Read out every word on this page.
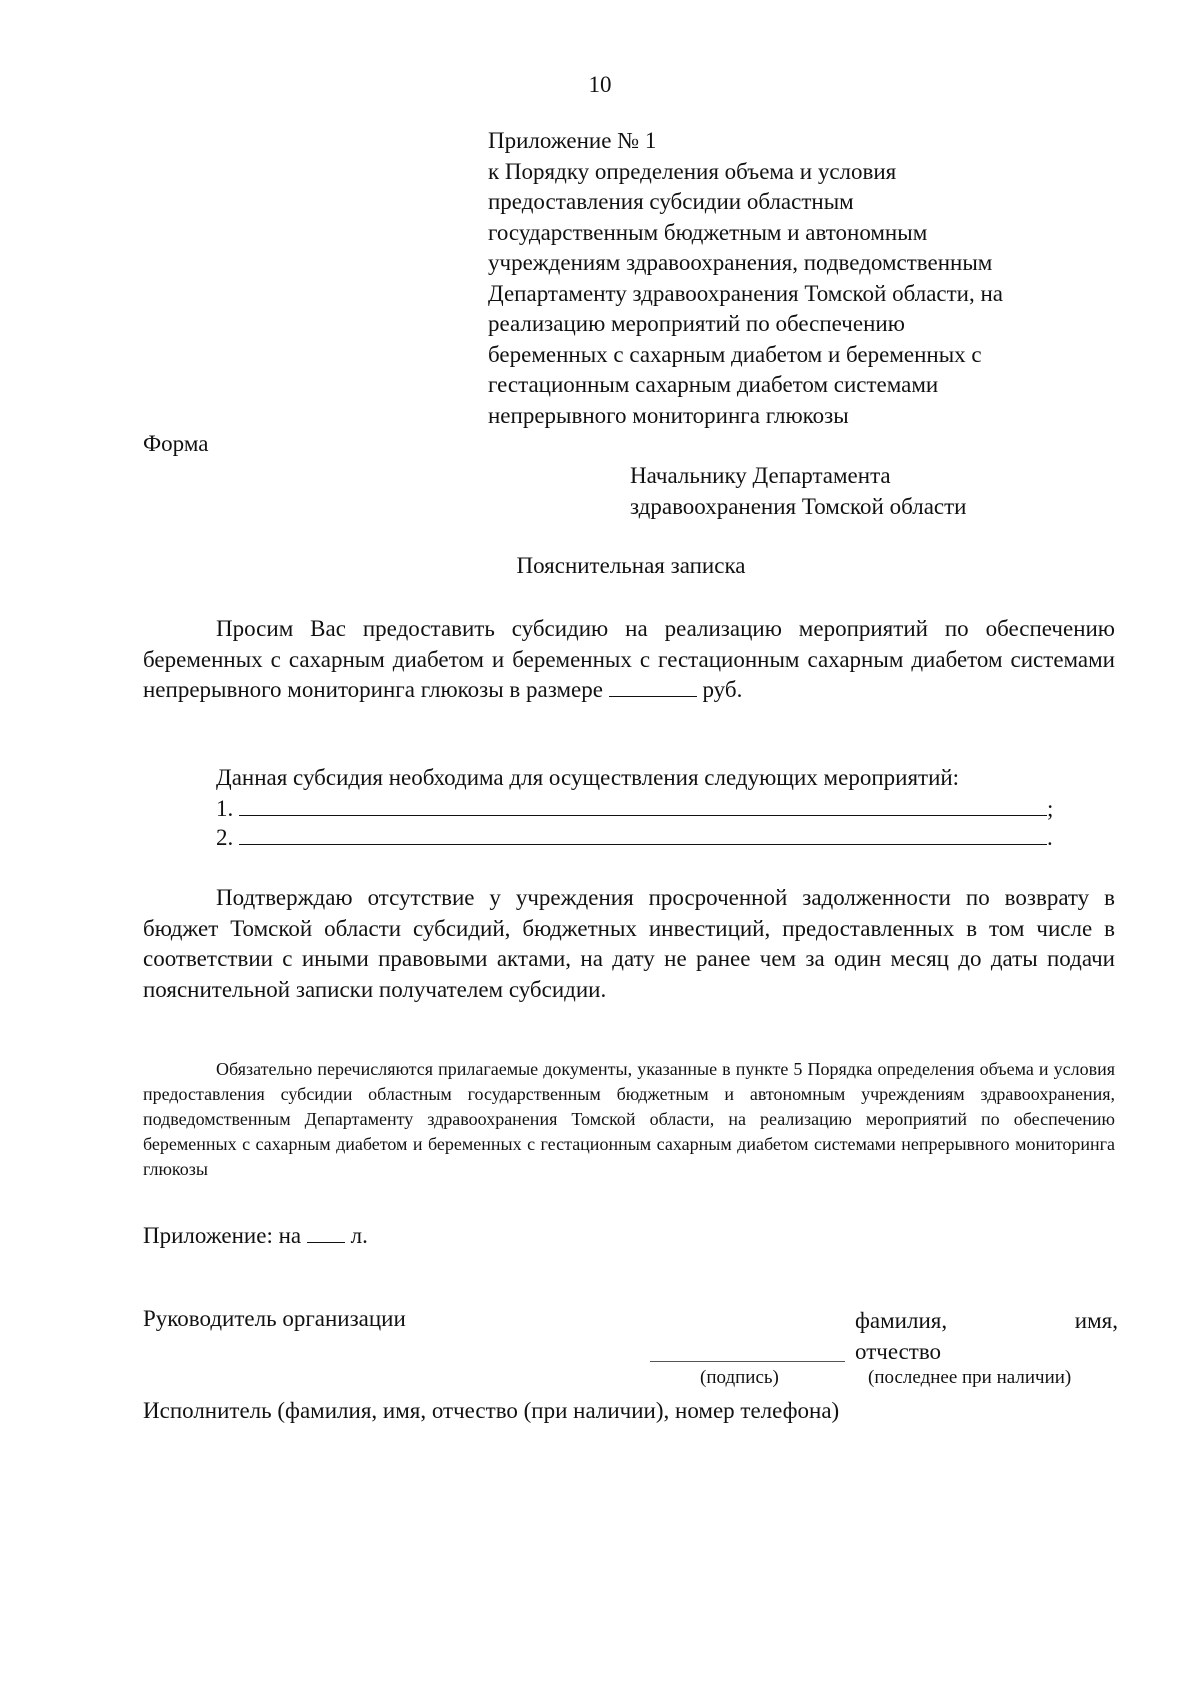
10
Приложение № 1
к Порядку определения объема и условия
предоставления субсидии областным
государственным бюджетным и автономным
учреждениям здравоохранения, подведомственным
Департаменту здравоохранения Томской области, на
реализацию мероприятий по обеспечению
беременных с сахарным диабетом и беременных с
гестационным сахарным диабетом системами
непрерывного мониторинга глюкозы
Форма
Начальнику Департамента
здравоохранения Томской области
Пояснительная записка
Просим Вас предоставить субсидию на реализацию мероприятий по обеспечению беременных с сахарным диабетом и беременных с гестационным сахарным диабетом системами непрерывного мониторинга глюкозы в размере	руб.
Данная субсидия необходима для осуществления следующих мероприятий:
1.	;
2.	.
Подтверждаю отсутствие у учреждения просроченной задолженности по возврату в бюджет Томской области субсидий, бюджетных инвестиций, предоставленных в том числе в соответствии с иными правовыми актами, на дату не ранее чем за один месяц до даты подачи пояснительной записки получателем субсидии.
Обязательно перечисляются прилагаемые документы, указанные в пункте 5 Порядка определения объема и условия предоставления субсидии областным государственным бюджетным и автономным учреждениям здравоохранения, подведомственным Департаменту здравоохранения Томской области, на реализацию мероприятий по обеспечению беременных с сахарным диабетом и беременных с гестационным сахарным диабетом системами непрерывного мониторинга глюкозы
Приложение: на л.
Руководитель организации	фамилия,	имя,
отчество
(подпись)	(последнее при наличии)
Исполнитель (фамилия, имя, отчество (при наличии), номер телефона)
